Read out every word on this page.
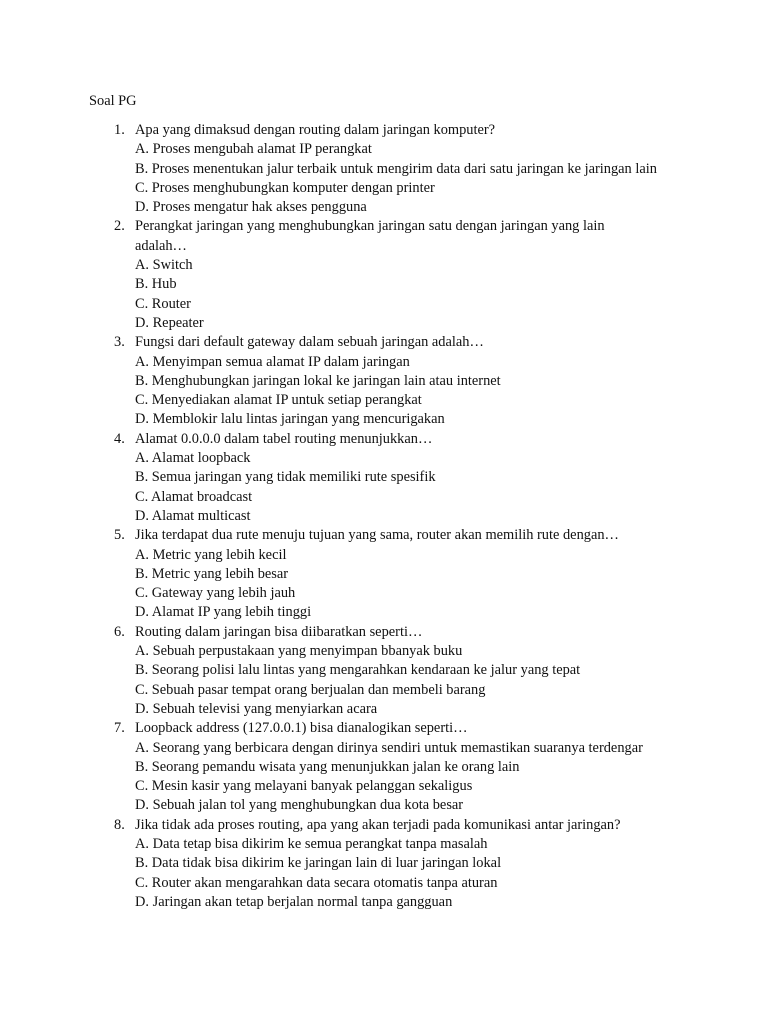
Soal PG
1. Apa yang dimaksud dengan routing dalam jaringan komputer?
A. Proses mengubah alamat IP perangkat
B. Proses menentukan jalur terbaik untuk mengirim data dari satu jaringan ke jaringan lain
C. Proses menghubungkan komputer dengan printer
D. Proses mengatur hak akses pengguna
2. Perangkat jaringan yang menghubungkan jaringan satu dengan jaringan yang lain adalah…
A. Switch
B. Hub
C. Router
D. Repeater
3. Fungsi dari default gateway dalam sebuah jaringan adalah…
A. Menyimpan semua alamat IP dalam jaringan
B. Menghubungkan jaringan lokal ke jaringan lain atau internet
C. Menyediakan alamat IP untuk setiap perangkat
D. Memblokir lalu lintas jaringan yang mencurigakan
4. Alamat 0.0.0.0 dalam tabel routing menunjukkan…
A. Alamat loopback
B. Semua jaringan yang tidak memiliki rute spesifik
C. Alamat broadcast
D. Alamat multicast
5. Jika terdapat dua rute menuju tujuan yang sama, router akan memilih rute dengan…
A. Metric yang lebih kecil
B. Metric yang lebih besar
C. Gateway yang lebih jauh
D. Alamat IP yang lebih tinggi
6. Routing dalam jaringan bisa diibaratkan seperti…
A. Sebuah perpustakaan yang menyimpan bbanyak buku
B. Seorang polisi lalu lintas yang mengarahkan kendaraan ke jalur yang tepat
C. Sebuah pasar tempat orang berjualan dan membeli barang
D. Sebuah televisi yang menyiarkan acara
7. Loopback address (127.0.0.1) bisa dianalogikan seperti…
A. Seorang yang berbicara dengan dirinya sendiri untuk memastikan suaranya terdengar
B. Seorang pemandu wisata yang menunjukkan jalan ke orang lain
C. Mesin kasir yang melayani banyak pelanggan sekaligus
D. Sebuah jalan tol yang menghubungkan dua kota besar
8. Jika tidak ada proses routing, apa yang akan terjadi pada komunikasi antar jaringan?
A. Data tetap bisa dikirim ke semua perangkat tanpa masalah
B. Data tidak bisa dikirim ke jaringan lain di luar jaringan lokal
C. Router akan mengarahkan data secara otomatis tanpa aturan
D. Jaringan akan tetap berjalan normal tanpa gangguan
